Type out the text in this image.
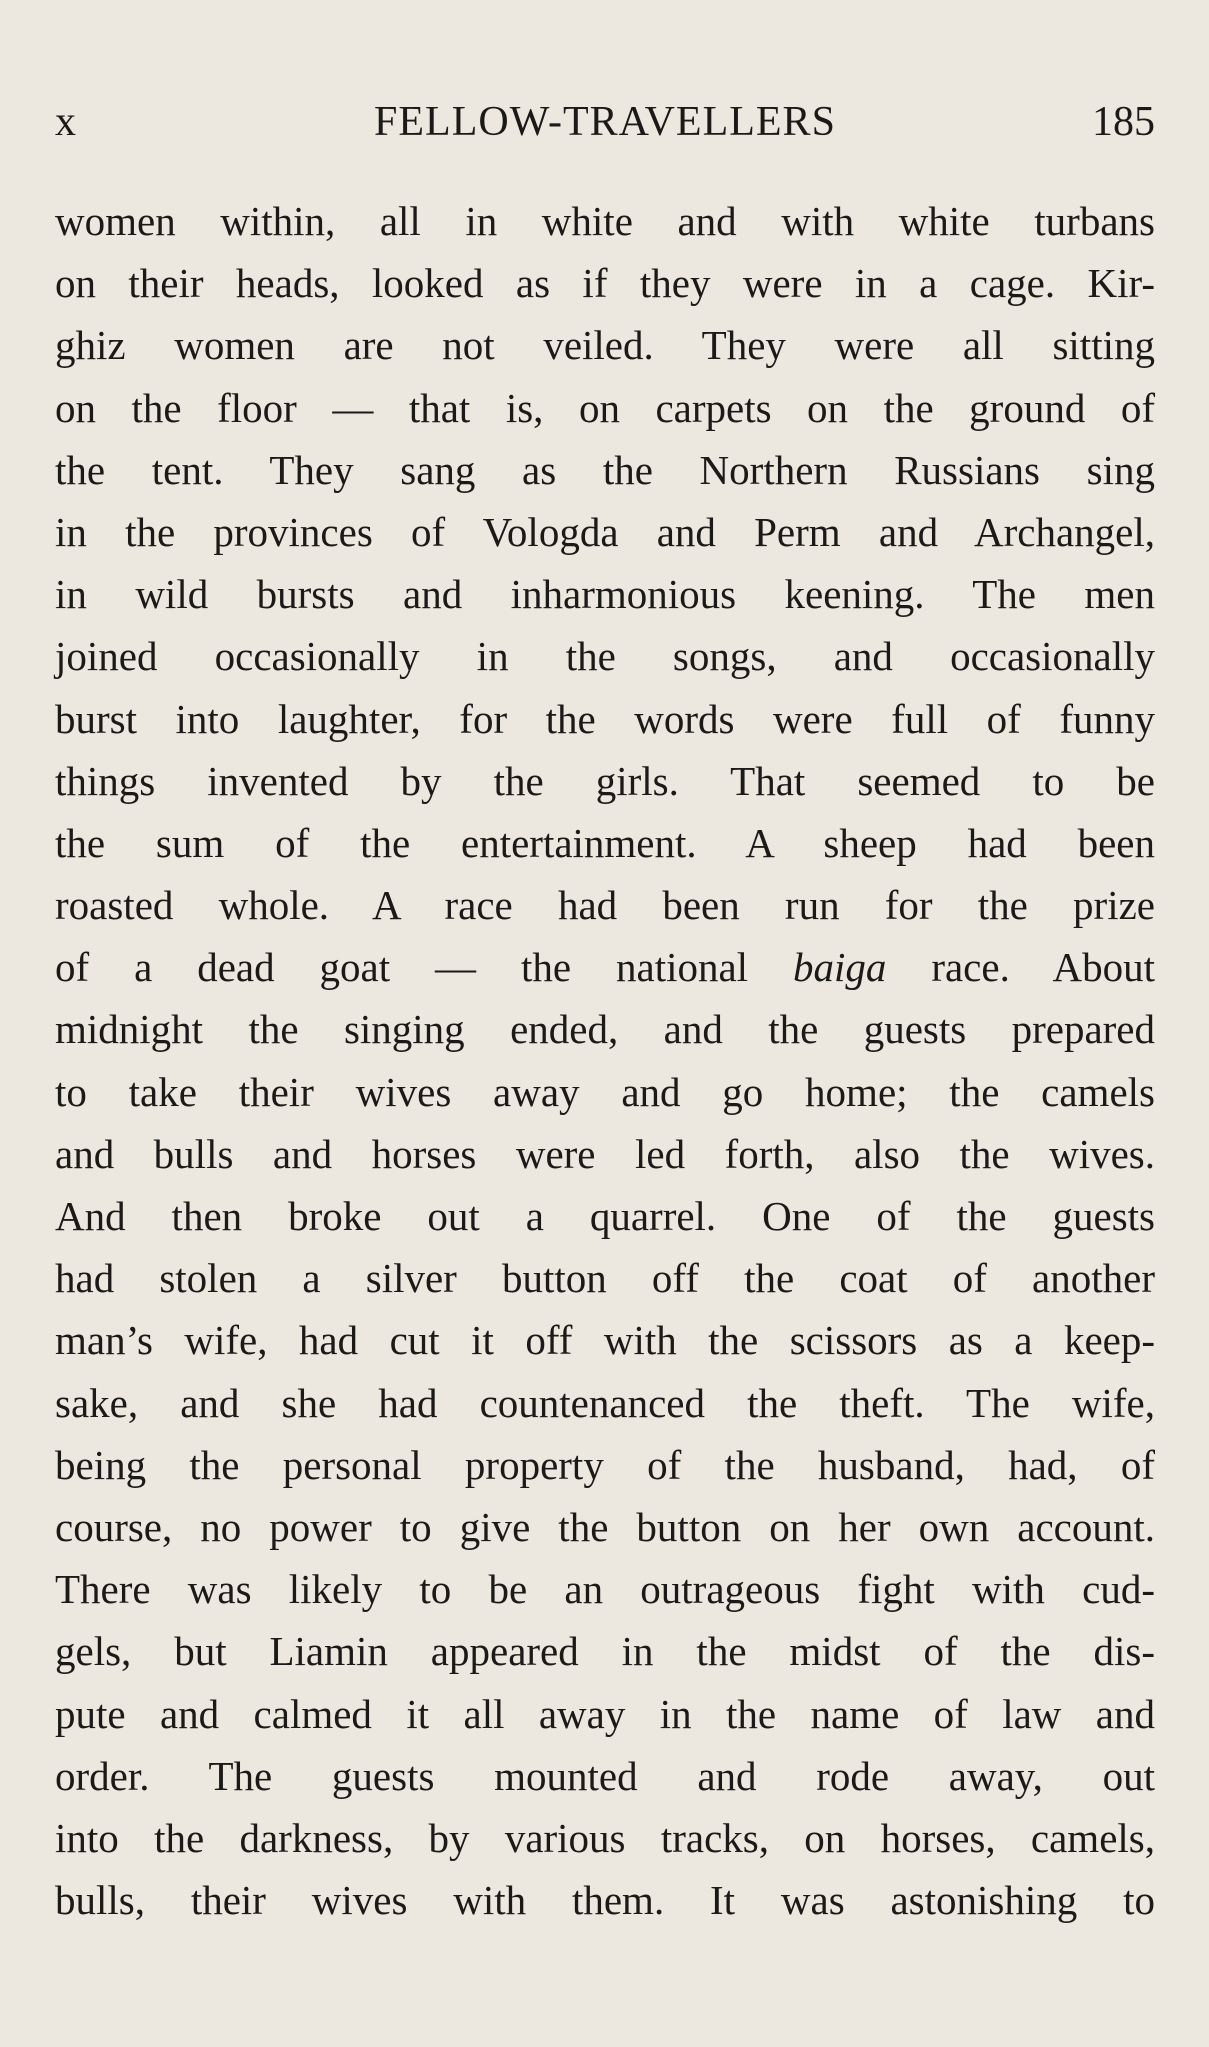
x	FELLOW-TRAVELLERS	185
women within, all in white and with white turbans
on their heads, looked as if they were in a cage. Kir-
ghiz women are not veiled. They were all sitting
on the floor — that is, on carpets on the ground of
the tent. They sang as the Northern Russians sing
in the provinces of Vologda and Perm and Archangel,
in wild bursts and inharmonious keening. The men
joined occasionally in the songs, and occasionally
burst into laughter, for the words were full of funny
things invented by the girls. That seemed to be
the sum of the entertainment. A sheep had been
roasted whole. A race had been run for the prize
of a dead goat — the national baiga race. About
midnight the singing ended, and the guests prepared
to take their wives away and go home; the camels
and bulls and horses were led forth, also the wives.
And then broke out a quarrel. One of the guests
had stolen a silver button off the coat of another
man’s wife, had cut it off with the scissors as a keep-
sake, and she had countenanced the theft. The wife,
being the personal property of the husband, had, of
course, no power to give the button on her own account.
There was likely to be an outrageous fight with cud-
gels, but Liamin appeared in the midst of the dis-
pute and calmed it all away in the name of law and
order. The guests mounted and rode away, out
into the darkness, by various tracks, on horses, camels,
bulls, their wives with them. It was astonishing to
